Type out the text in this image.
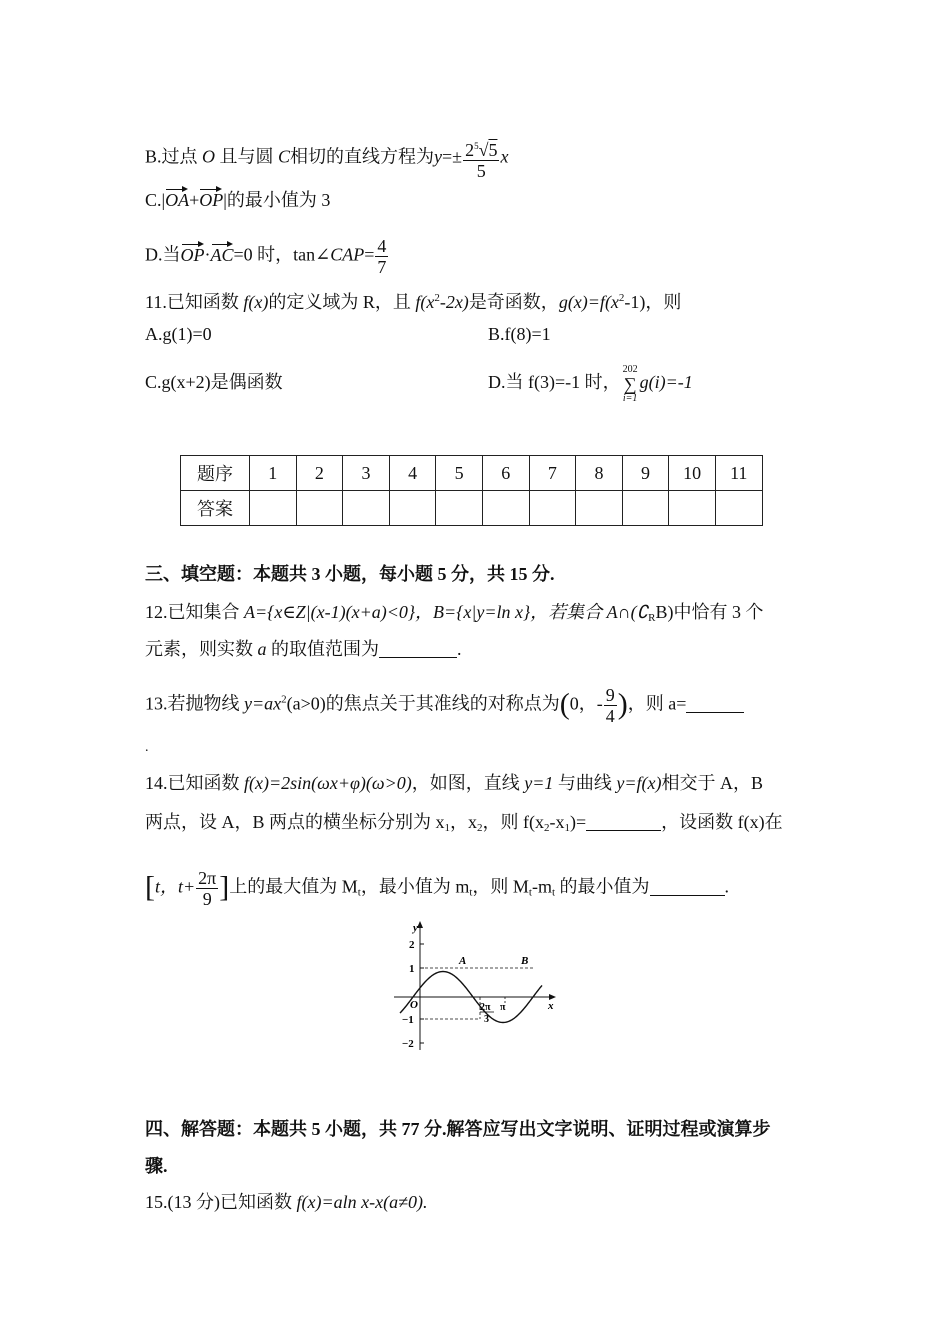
B.过点 O 且与圆 C相切的直线方程为$y=\pm \frac{2^5√5}{5}$ x
C.|OA+OP|的最小值为 3
D.当OP·AC=0 时，tan∠CAP= $\frac{4}{7}$
11.已知函数 f(x)的定义域为 R，且 $f(x^2-2x)$是奇函数，$g(x)=f(x^2-1)$，则
A.g(1)=0	B.f(8)=1
C.g(x+2)是偶函数	D.当 f(3)=-1 时，202
∑
i=1g(i)=-1
题序	1	2	3	4	5	6	7	8	9	10	11
答案											
三、填空题：本题共 3 小题，每小题 5 分，共 15 分.
12.已知集合 A={x∈Z|(x-1)(x+a)<0}，B={x|y=ln x}，若集合 $A\cap(∁_RB)$中恰有 3 个
元素，则实数 a 的取值范围为	.
13.若抛物线 $y=ax^2(a>0)$的焦点关于其准线的对称点为(0，- $\frac{9}{4}$ )，则 a=
.
14.已知函数 f(x)=2sin(ωx+φ)(ω>0)，如图，直线 y=1 与曲线 y=f(x)相交于 A，B
两点，设 A，B 两点的横坐标分别为 $x_1$，$x_2$，则 $f(x_2-x_1)=$	，设函数 f(x)在
[t，$t+ \frac{2\pi}{9}$ ]上的最大值为 $M_t$，最小值为 $m_t$，则 $M_t-m_t$ 的最小值为	.
y
x
O
2
1
−1
−2
2π
3
π
A	B
四、解答题：本题共 5 小题，共 77 分.解答应写出文字说明、证明过程或演算步
骤.
15.(13 分)已知函数 f(x)=aln x-x(a≠0).
